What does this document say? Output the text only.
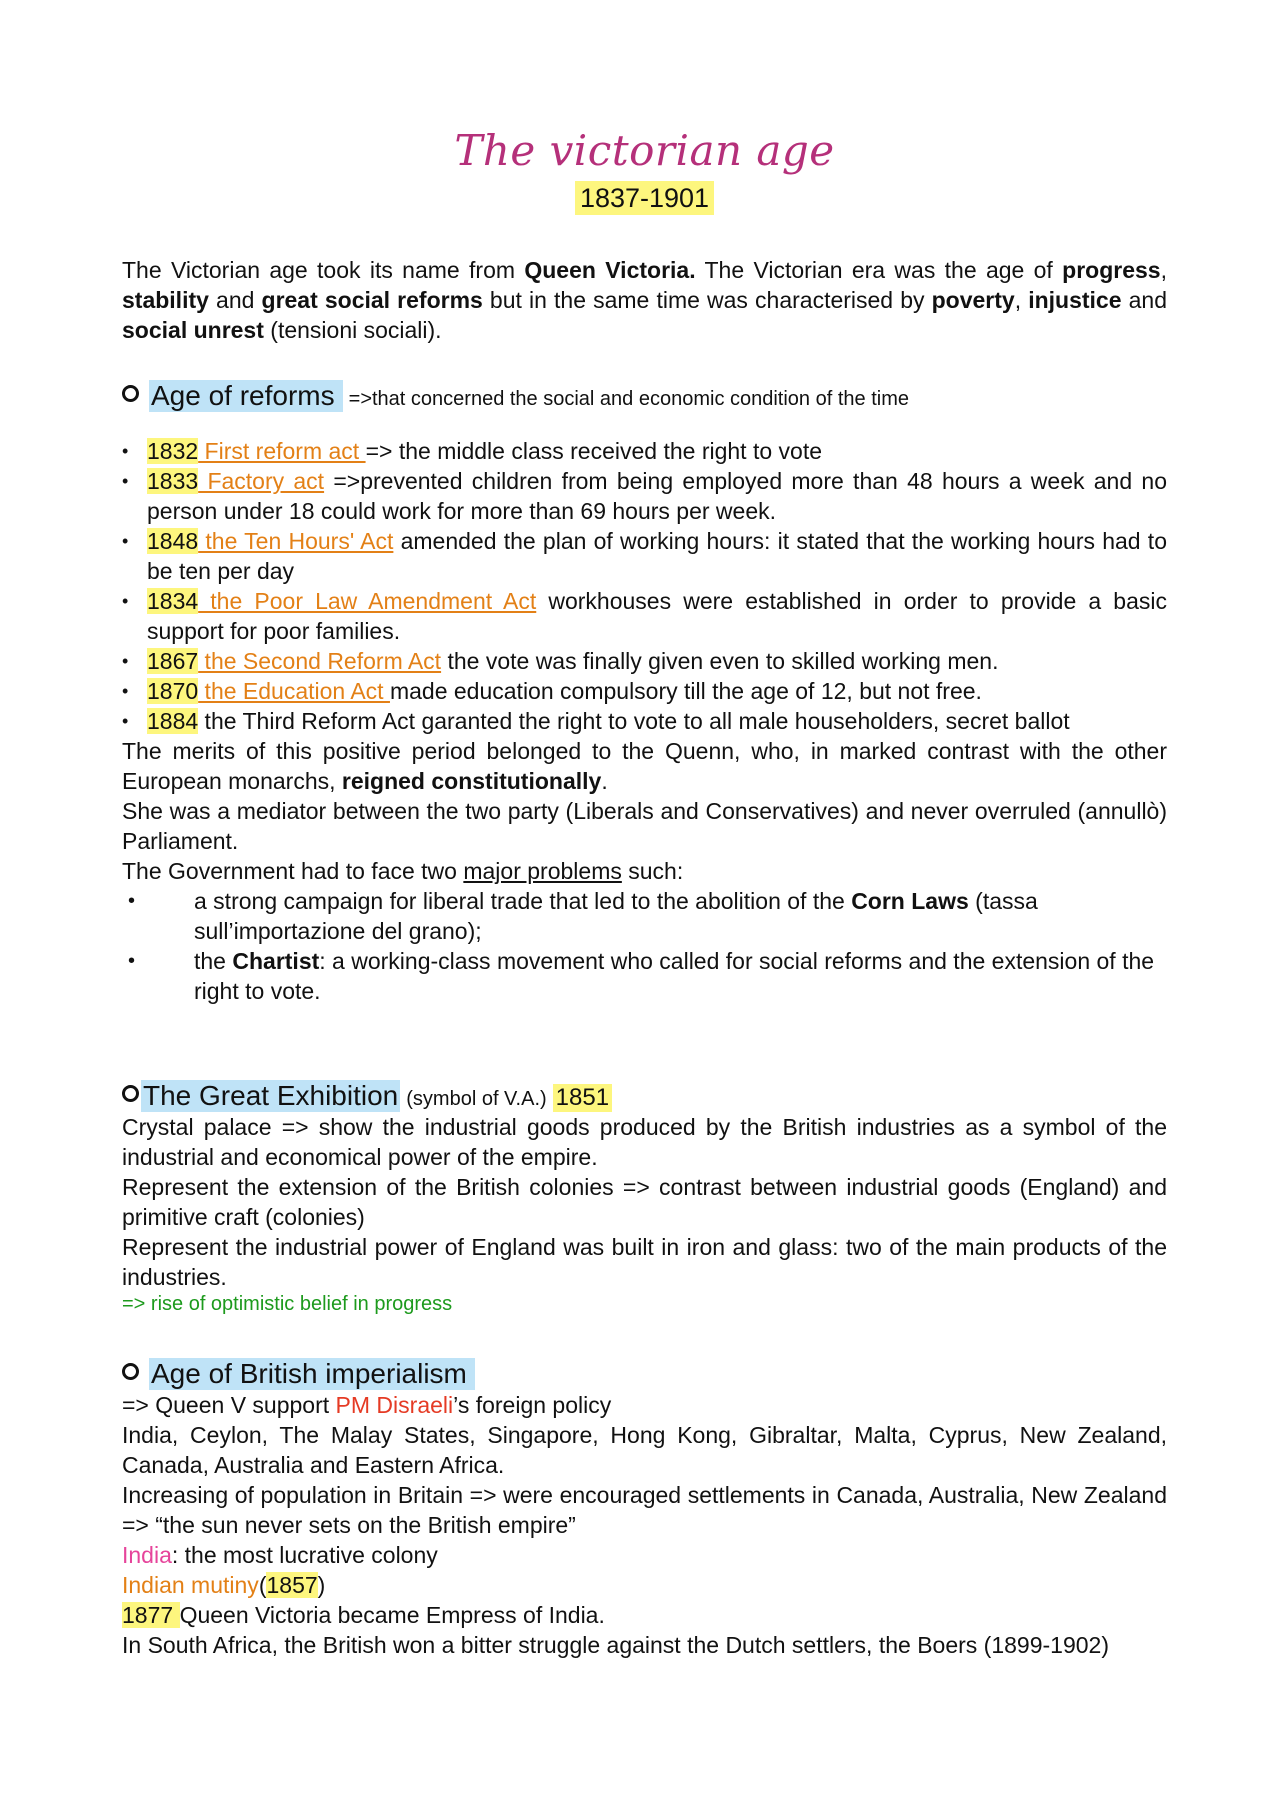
The victorian age
1837-1901

The Victorian age took its name from Queen Victoria. The Victorian era was the age of progress, stability and great social reforms but in the same time was characterised by poverty, injustice and social unrest (tensioni sociali).

Age of reforms =>that concerned the social and economic condition of the time
• 1832 First reform act => the middle class received the right to vote
• 1833 Factory act =>prevented children from being employed more than 48 hours a week and no person under 18 could work for more than 69 hours per week.
• 1848 the Ten Hours' Act amended the plan of working hours: it stated that the working hours had to be ten per day
• 1834 the Poor Law Amendment Act workhouses were established in order to provide a basic support for poor families.
• 1867 the Second Reform Act the vote was finally given even to skilled working men.
• 1870 the Education Act made education compulsory till the age of 12, but not free.
• 1884 the Third Reform Act garanted the right to vote to all male householders, secret ballot

The merits of this positive period belonged to the Quenn, who, in marked contrast with the other European monarchs, reigned constitutionally.

She was a mediator between the two party (Liberals and Conservatives) and never overruled (annullò) Parliament.

The Government had to face two major problems such:

• a strong campaign for liberal trade that led to the abolition of the Corn Laws (tassa sull’importazione del grano);
• the Chartist: a working-class movement who called for social reforms and the extension of the right to vote.
The Great Exhibition (symbol of V.A.) 1851

Crystal palace => show the industrial goods produced by the British industries as a symbol of the industrial and economical power of the empire.

Represent the extension of the British colonies => contrast between industrial goods (England) and primitive craft (colonies)

Represent the industrial power of England was built in iron and glass: two of the main products of the industries.

=> rise of optimistic belief in progress

Age of British imperialism

=> Queen V support PM Disraeli’s foreign policy

India, Ceylon, The Malay States, Singapore, Hong Kong, Gibraltar, Malta, Cyprus, New Zealand, Canada, Australia and Eastern Africa.

Increasing of population in Britain => were encouraged settlements in Canada, Australia, New Zealand => “the sun never sets on the British empire”

India: the most lucrative colony

Indian mutiny(1857)

1877 Queen Victoria became Empress of India.

In South Africa, the British won a bitter struggle against the Dutch settlers, the Boers (1899-1902)
